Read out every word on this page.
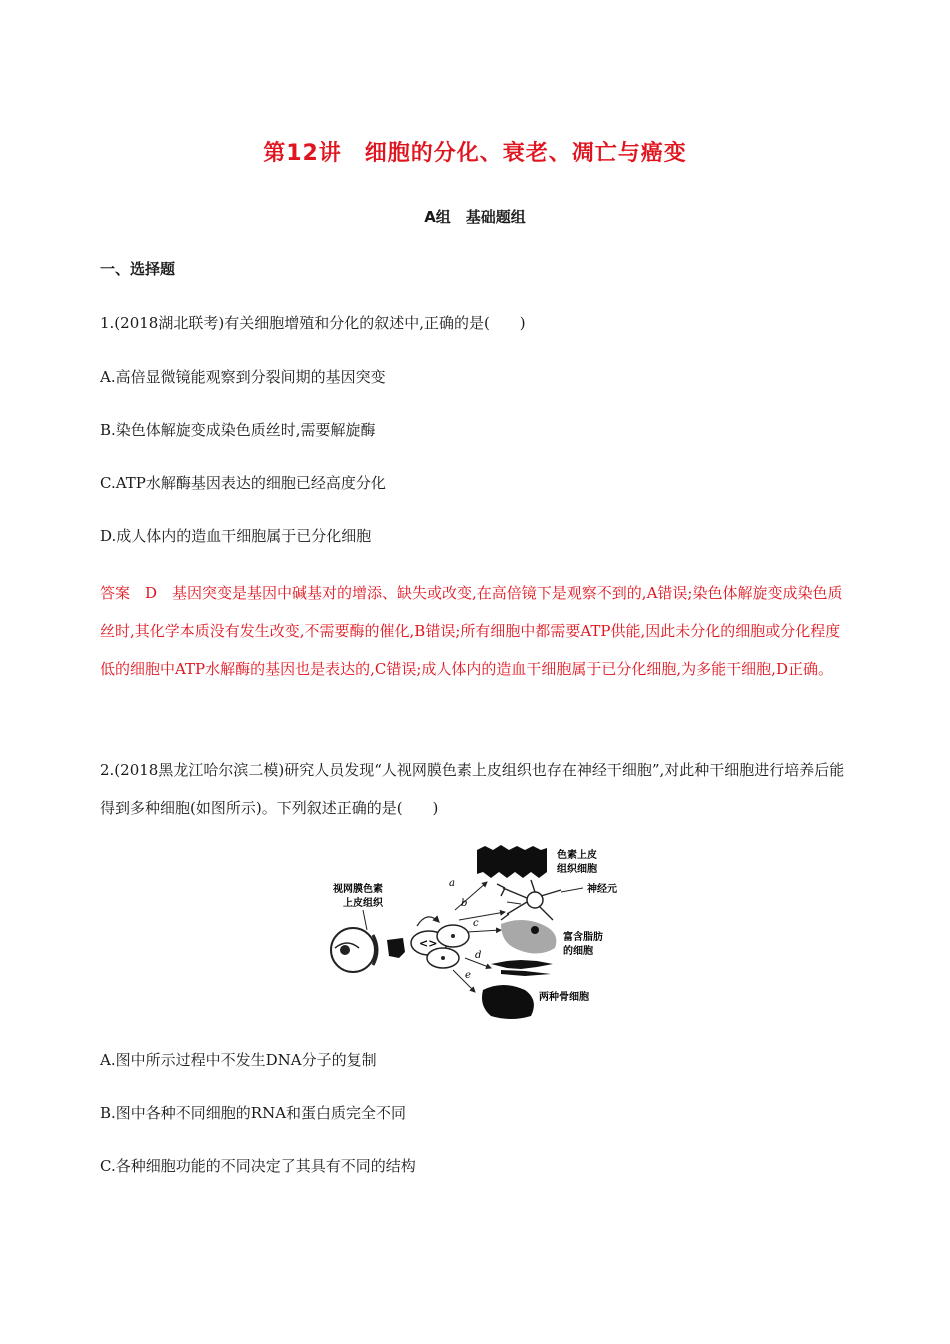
第12讲　细胞的分化、衰老、凋亡与癌变
A组　基础题组
一、选择题
1.(2018湖北联考)有关细胞增殖和分化的叙述中,正确的是(　　)
A.高倍显微镜能观察到分裂间期的基因突变
B.染色体解旋变成染色质丝时,需要解旋酶
C.ATP水解酶基因表达的细胞已经高度分化
D.成人体内的造血干细胞属于已分化细胞
答案　D　基因突变是基因中碱基对的增添、缺失或改变,在高倍镜下是观察不到的,A错误;染色体解旋变成染色质丝时,其化学本质没有发生改变,不需要酶的催化,B错误;所有细胞中都需要ATP供能,因此未分化的细胞或分化程度低的细胞中ATP水解酶的基因也是表达的,C错误;成人体内的造血干细胞属于已分化细胞,为多能干细胞,D正确。
2.(2018黑龙江哈尔滨二模)研究人员发现“人视网膜色素上皮组织也存在神经干细胞”,对此种干细胞进行培养后能得到多种细胞(如图所示)。下列叙述正确的是(　　)
视网膜色素
上皮组织
<>
a
b
c
d
e
色素上皮
组织细胞
神经元
富含脂肪
的细胞
两种骨细胞
A.图中所示过程中不发生DNA分子的复制
B.图中各种不同细胞的RNA和蛋白质完全不同
C.各种细胞功能的不同决定了其具有不同的结构
